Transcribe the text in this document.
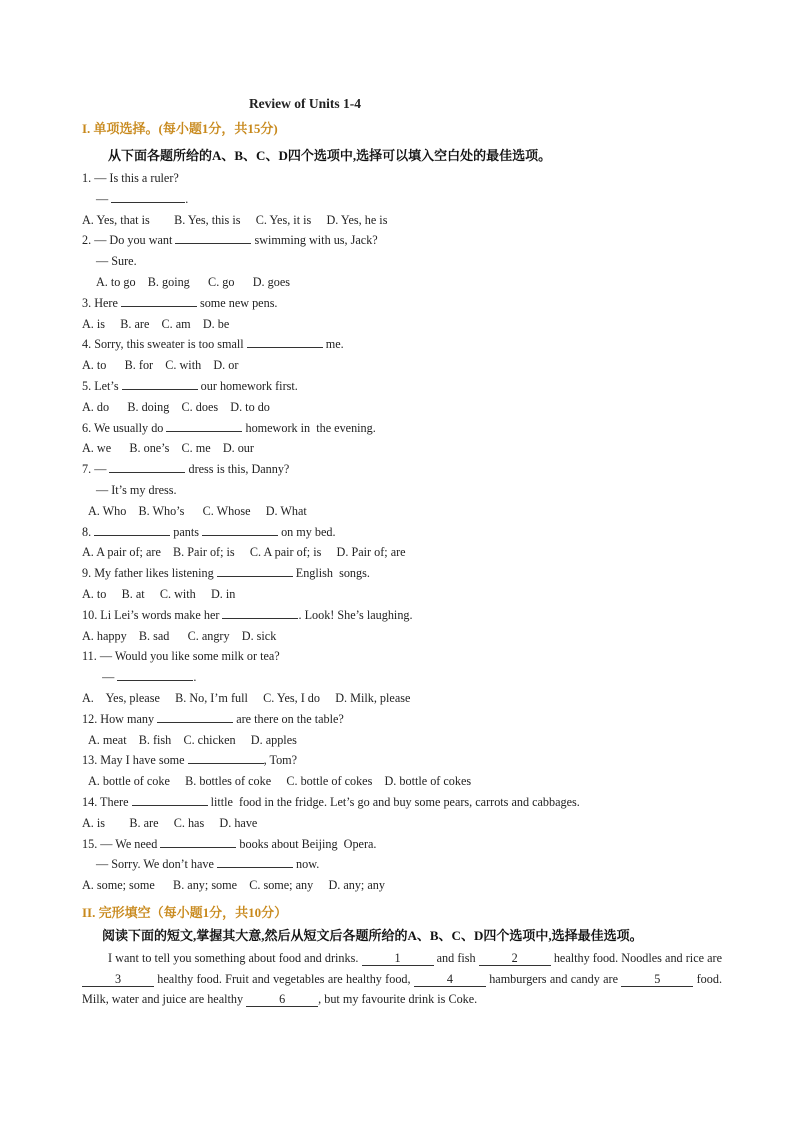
Review of Units 1-4
I. 单项选择。(每小题1分，共15分)
从下面各题所给的A、B、C、D四个选项中,选择可以填入空白处的最佳选项。
1. — Is this a ruler?
—	.
A. Yes, that is        B. Yes, this is     C. Yes, it is     D. Yes, he is
2. — Do you want	swimming with us, Jack?
— Sure.
A. to go    B. going      C. go      D. goes
3. Here	some new pens.
A. is     B. are    C. am    D. be
4. Sorry, this sweater is too small	me.
A. to      B. for    C. with    D. or
5. Let’s	our homework first.
A. do      B. doing    C. does    D. to do
6. We usually do	homework in  the evening.
A. we      B. one’s    C. me    D. our
7. —	dress is this, Danny?
— It’s my dress.
A. Who    B. Who’s      C. Whose     D. What
8.	pants	on my bed.
A. A pair of; are    B. Pair of; is     C. A pair of; is     D. Pair of; are
9. My father likes listening	English  songs.
A. to     B. at     C. with     D. in
10. Li Lei’s words make her	. Look! She’s laughing.
A. happy    B. sad      C. angry    D. sick
11. — Would you like some milk or tea?
—	.
A.    Yes, please     B. No, I’m full     C. Yes, I do     D. Milk, please
12. How many	are there on the table?
A. meat    B. fish    C. chicken     D. apples
13. May I have some	, Tom?
A. bottle of coke     B. bottles of coke     C. bottle of cokes    D. bottle of cokes
14. There	little  food in the fridge. Let’s go and buy some pears, carrots and cabbages.
A. is        B. are     C. has     D. have
15. — We need	books about Beijing  Opera.
— Sorry. We don’t have	now.
A. some; some      B. any; some    C. some; any     D. any; any
II. 完形填空（每小题1分，共10分）
阅读下面的短文,掌握其大意,然后从短文后各题所给的A、B、C、D四个选项中,选择最佳选项。
I want to tell you something about food and drinks.	1	and fish	2	healthy food. Noodles and rice are 3	healthy food. Fruit and vegetables are healthy food,	4	hamburgers and candy are	5	food. Milk, water and juice are healthy	6	, but my favourite drink is Coke.
